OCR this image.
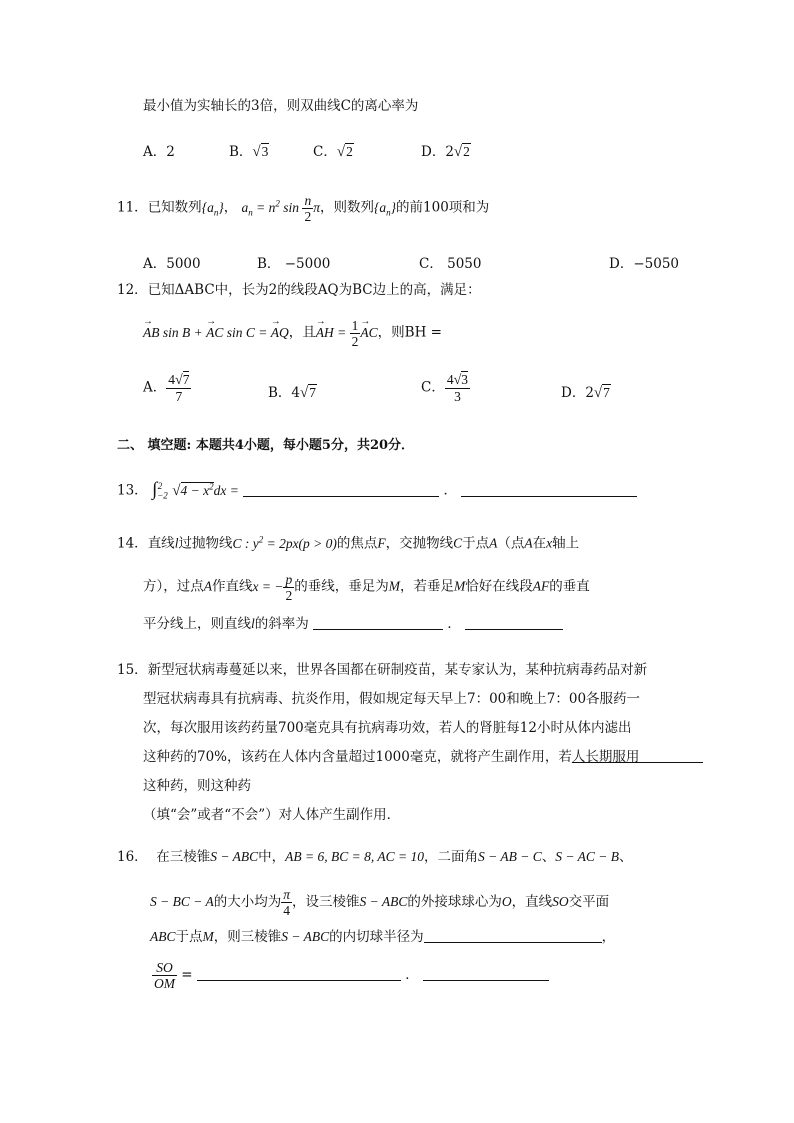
最小值为实轴长的3倍，则双曲线C的离心率为
A．2	B．√3	C．√2	D．2√2
11．已知数列$\{a_n\}$， $a_n = n^2$ $\sin \frac{n}{2}$ π，则数列$\{a_n\}$的前100项和为
A．5000	B． −5000	C． 5050	D．−5050
12．已知ΔABC中，长为2的线段AQ为BC边上的高，满足：
→ AB sin B + → AC sin C = → AQ，且→ AH = $\frac{1}{2}$
→ AC，则BH =
A． $\frac{4√7}{7}$	B．4√7	C． $\frac{4√3}{3}$	D．2√7
二、 填空题: 本题共4小题，每小题5分，共20分．
13． $\int_{-2}^2$ $√4 - x^2dx$ =	．
14．直线l过抛物线C : $y^2 = 2px(p > 0)$的焦点F，交抛物线C于点A（点A在x轴上
方），过点A作直线x = − $\frac{p}{2}$ 的垂线，垂足为M，若垂足M恰好在线段AF的垂直
平分线上，则直线l的斜率为	．
15．新型冠状病毒蔓延以来，世界各国都在研制疫苗，某专家认为，某种抗病毒药品对新
型冠状病毒具有抗病毒、抗炎作用，假如规定每天早上7：00和晚上7：00各服药一
次，每次服用该药药量700毫克具有抗病毒功效，若人的肾脏每12小时从体内滤出
这种药的70%，该药在人体内含量超过1000毫克，就将产生副作用，若人长期服用
这种药，则这种药
（填“会”或者“不会”）对人体产生副作用．
16． 在三棱锥S − ABC中，AB = 6, BC = 8, AC = 10，二面角S − AB − C、S − AC − B、
S − BC − A的大小均为 $\frac{\pi}{4}$ ，设三棱锥S − ABC的外接球球心为O，直线SO交平面
ABC于点M，则三棱锥S − ABC的内切球半径为	，
$\frac{SO}{OM}$ =	．
